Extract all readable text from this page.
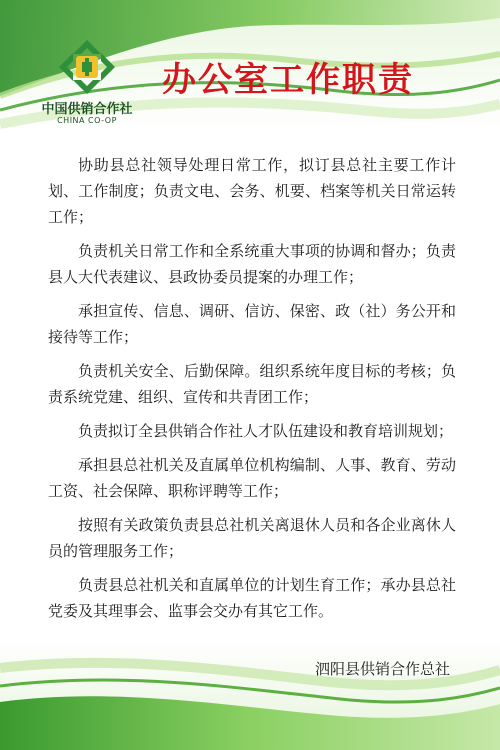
中国供销合作社
CHINA CO-OP
办公室工作职责

协助县总社领导处理日常工作，拟订县总社主要工作计划、工作制度；负责文电、会务、机要、档案等机关日常运转工作；

负责机关日常工作和全系统重大事项的协调和督办；负责县人大代表建议、县政协委员提案的办理工作；

承担宣传、信息、调研、信访、保密、政（社）务公开和接待等工作；

负责机关安全、后勤保障。组织系统年度目标的考核；负责系统党建、组织、宣传和共青团工作；

负责拟订全县供销合作社人才队伍建设和教育培训规划；

承担县总社机关及直属单位机构编制、人事、教育、劳动工资、社会保障、职称评聘等工作；

按照有关政策负责县总社机关离退休人员和各企业离休人员的管理服务工作；

负责县总社机关和直属单位的计划生育工作；承办县总社党委及其理事会、监事会交办有其它工作。

泗阳县供销合作总社
